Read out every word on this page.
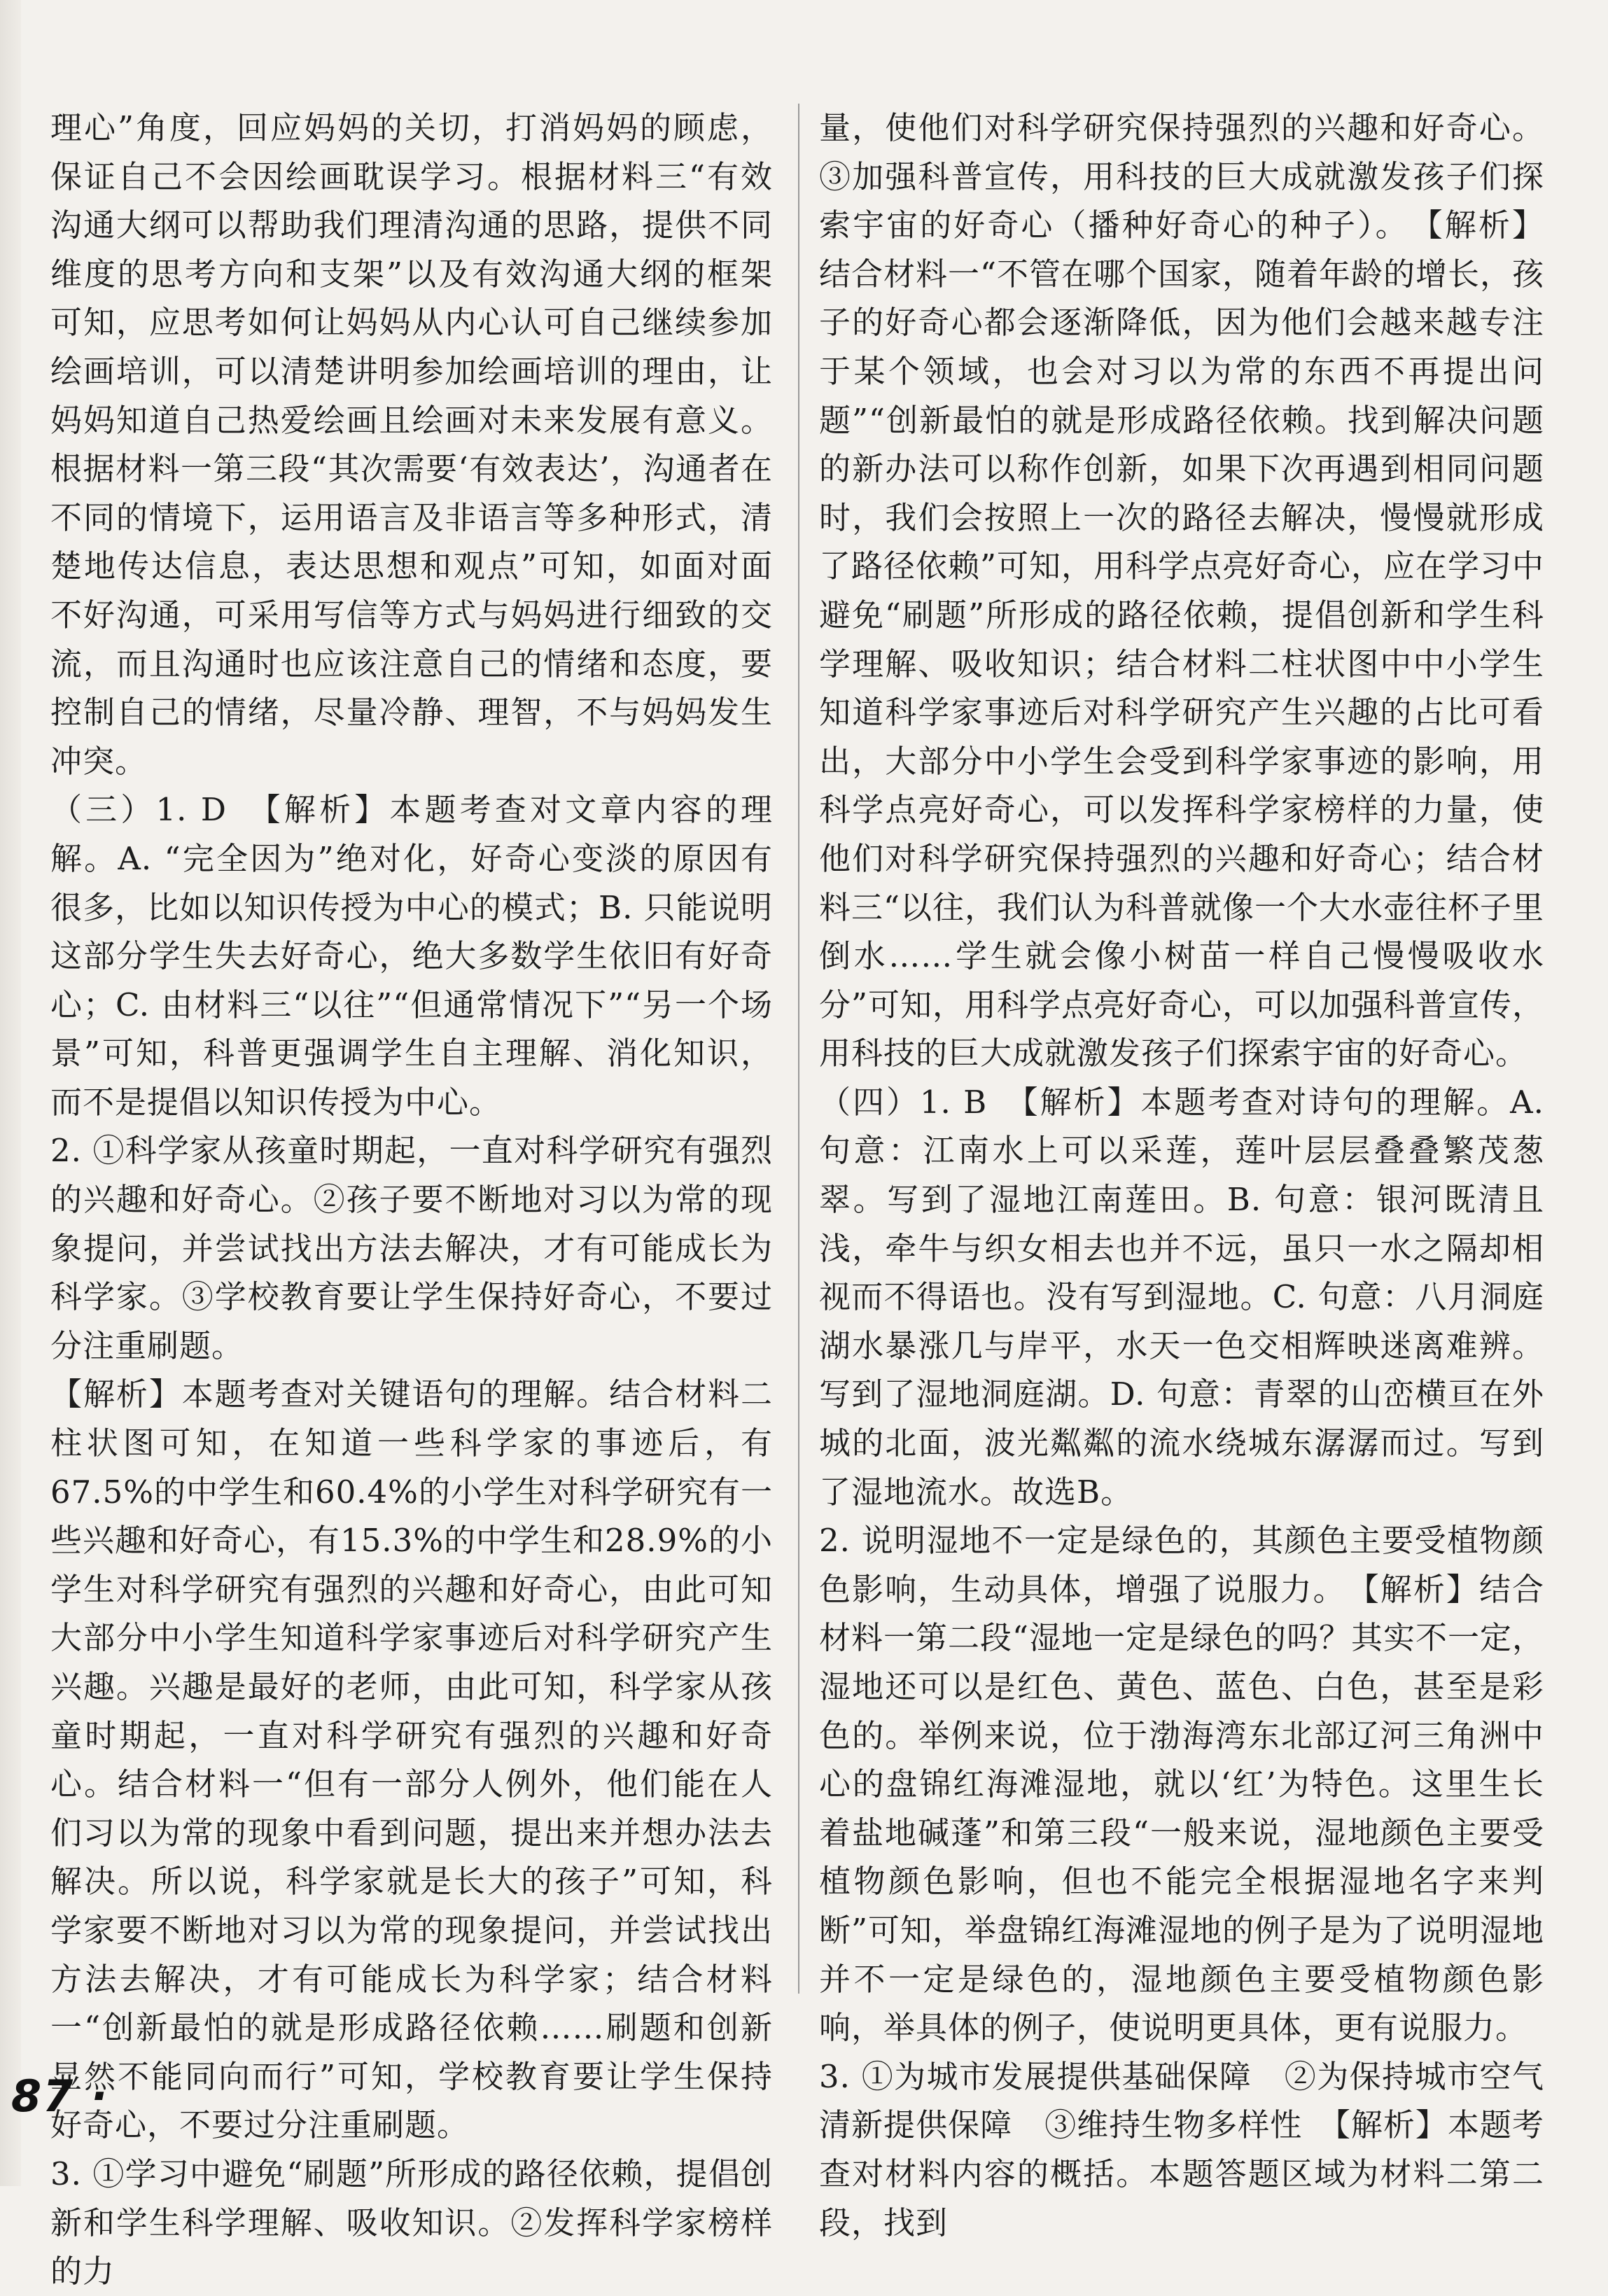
理心”角度，回应妈妈的关切，打消妈妈的顾虑，保证自己不会因绘画耽误学习。根据材料三“有效沟通大纲可以帮助我们理清沟通的思路，提供不同维度的思考方向和支架”以及有效沟通大纲的框架可知，应思考如何让妈妈从内心认可自己继续参加绘画培训，可以清楚讲明参加绘画培训的理由，让妈妈知道自己热爱绘画且绘画对未来发展有意义。根据材料一第三段“其次需要‘有效表达’，沟通者在不同的情境下，运用语言及非语言等多种形式，清楚地传达信息，表达思想和观点”可知，如面对面不好沟通，可采用写信等方式与妈妈进行细致的交流，而且沟通时也应该注意自己的情绪和态度，要控制自己的情绪，尽量冷静、理智，不与妈妈发生冲突。

（三）1. D　【解析】本题考查对文章内容的理解。A. “完全因为”绝对化，好奇心变淡的原因有很多，比如以知识传授为中心的模式；B. 只能说明这部分学生失去好奇心，绝大多数学生依旧有好奇心；C. 由材料三“以往”“但通常情况下”“另一个场景”可知，科普更强调学生自主理解、消化知识，而不是提倡以知识传授为中心。

2. ①科学家从孩童时期起，一直对科学研究有强烈的兴趣和好奇心。②孩子要不断地对习以为常的现象提问，并尝试找出方法去解决，才有可能成长为科学家。③学校教育要让学生保持好奇心，不要过分注重刷题。

【解析】本题考查对关键语句的理解。结合材料二柱状图可知，在知道一些科学家的事迹后，有67.5%的中学生和60.4%的小学生对科学研究有一些兴趣和好奇心，有15.3%的中学生和28.9%的小学生对科学研究有强烈的兴趣和好奇心，由此可知大部分中小学生知道科学家事迹后对科学研究产生兴趣。兴趣是最好的老师，由此可知，科学家从孩童时期起，一直对科学研究有强烈的兴趣和好奇心。结合材料一“但有一部分人例外，他们能在人们习以为常的现象中看到问题，提出来并想办法去解决。所以说，科学家就是长大的孩子”可知，科学家要不断地对习以为常的现象提问，并尝试找出方法去解决，才有可能成长为科学家；结合材料一“创新最怕的就是形成路径依赖……刷题和创新显然不能同向而行”可知，学校教育要让学生保持好奇心，不要过分注重刷题。

3. ①学习中避免“刷题”所形成的路径依赖，提倡创新和学生科学理解、吸收知识。②发挥科学家榜样的力

量，使他们对科学研究保持强烈的兴趣和好奇心。③加强科普宣传，用科技的巨大成就激发孩子们探索宇宙的好奇心（播种好奇心的种子）。　【解析】结合材料一“不管在哪个国家，随着年龄的增长，孩子的好奇心都会逐渐降低，因为他们会越来越专注于某个领域，也会对习以为常的东西不再提出问题”“创新最怕的就是形成路径依赖。找到解决问题的新办法可以称作创新，如果下次再遇到相同问题时，我们会按照上一次的路径去解决，慢慢就形成了路径依赖”可知，用科学点亮好奇心，应在学习中避免“刷题”所形成的路径依赖，提倡创新和学生科学理解、吸收知识；结合材料二柱状图中中小学生知道科学家事迹后对科学研究产生兴趣的占比可看出，大部分中小学生会受到科学家事迹的影响，用科学点亮好奇心，可以发挥科学家榜样的力量，使他们对科学研究保持强烈的兴趣和好奇心；结合材料三“以往，我们认为科普就像一个大水壶往杯子里倒水……学生就会像小树苗一样自己慢慢吸收水分”可知，用科学点亮好奇心，可以加强科普宣传，用科技的巨大成就激发孩子们探索宇宙的好奇心。

（四）1. B　【解析】本题考查对诗句的理解。A. 句意：江南水上可以采莲，莲叶层层叠叠繁茂葱翠。写到了湿地江南莲田。B. 句意：银河既清且浅，牵牛与织女相去也并不远，虽只一水之隔却相视而不得语也。没有写到湿地。C. 句意：八月洞庭湖水暴涨几与岸平，水天一色交相辉映迷离难辨。写到了湿地洞庭湖。D. 句意：青翠的山峦横亘在外城的北面，波光粼粼的流水绕城东潺潺而过。写到了湿地流水。故选B。

2. 说明湿地不一定是绿色的，其颜色主要受植物颜色影响，生动具体，增强了说服力。　【解析】结合材料一第二段“湿地一定是绿色的吗？其实不一定，湿地还可以是红色、黄色、蓝色、白色，甚至是彩色的。举例来说，位于渤海湾东北部辽河三角洲中心的盘锦红海滩湿地，就以‘红’为特色。这里生长着盐地碱蓬”和第三段“一般来说，湿地颜色主要受植物颜色影响，但也不能完全根据湿地名字来判断”可知，举盘锦红海滩湿地的例子是为了说明湿地并不一定是绿色的，湿地颜色主要受植物颜色影响，举具体的例子，使说明更具体，更有说服力。

3. ①为城市发展提供基础保障　②为保持城市空气清新提供保障　③维持生物多样性　【解析】本题考查对材料内容的概括。本题答题区域为材料二第二段，找到

87 ·
